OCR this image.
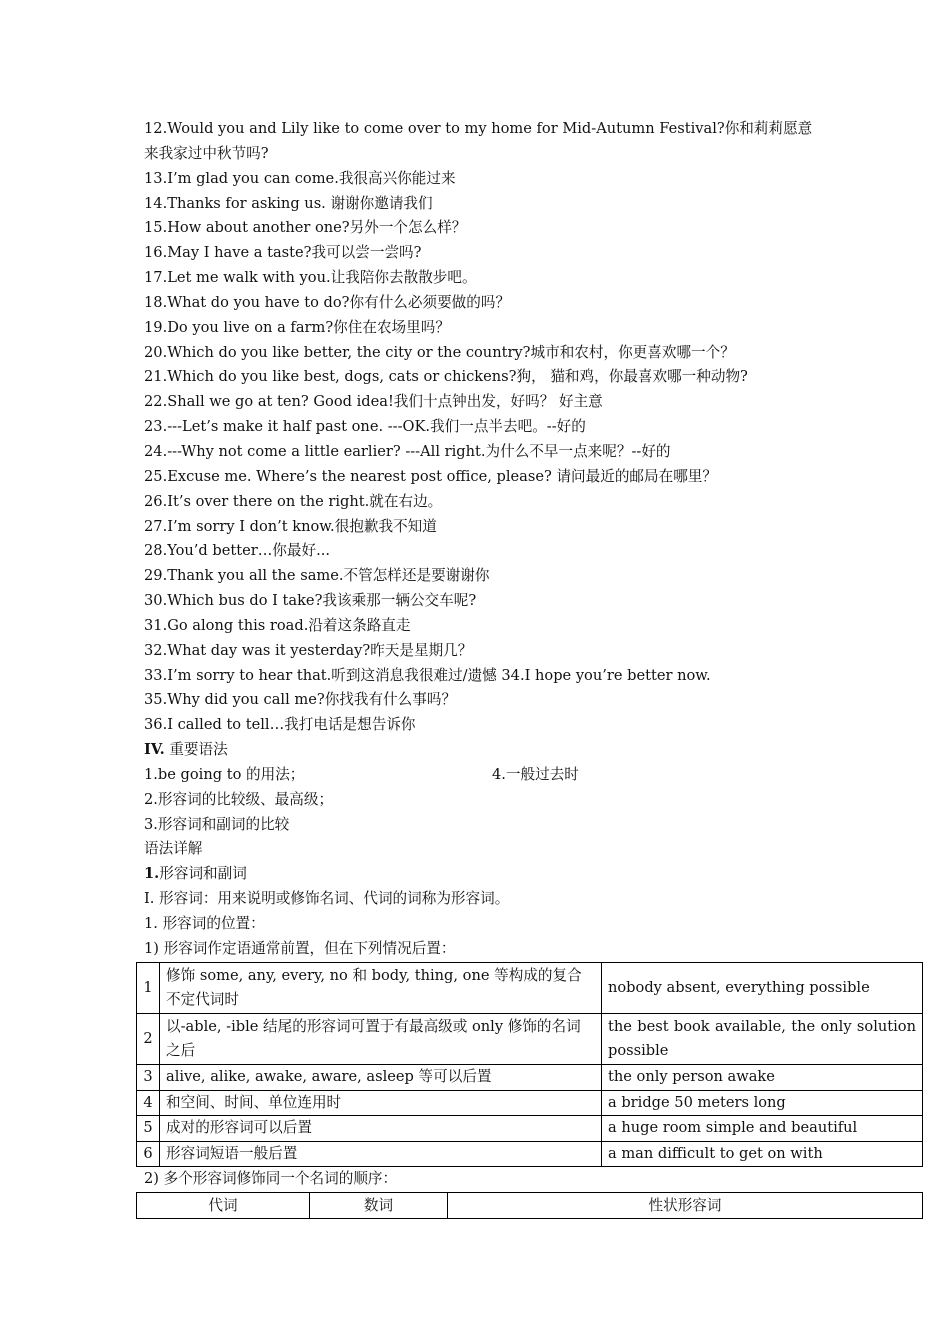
12.Would you and Lily like to come over to my home for Mid-Autumn Festival?你和莉莉愿意
来我家过中秋节吗?
13.I’m glad you can come.我很高兴你能过来
14.Thanks for asking us. 谢谢你邀请我们
15.How about another one?另外一个怎么样？
16.May I have a taste?我可以尝一尝吗?
17.Let me walk with you.让我陪你去散散步吧。
18.What do you have to do?你有什么必须要做的吗？
19.Do you live on a farm?你住在农场里吗？
20.Which do you like better, the city or the country?城市和农村，你更喜欢哪一个？
21.Which do you like best, dogs, cats or chickens?狗， 猫和鸡，你最喜欢哪一种动物?
22.Shall we go at ten? Good idea!我们十点钟出发，好吗？ 好主意
23.---Let’s make it half past one. ---OK.我们一点半去吧。--好的
24.---Why not come a little earlier? ---All right.为什么不早一点来呢？--好的
25.Excuse me. Where’s the nearest post office, please? 请问最近的邮局在哪里？
26.It’s over there on the right.就在右边。
27.I’m sorry I don’t know.很抱歉我不知道
28.You’d better…你最好...
29.Thank you all the same.不管怎样还是要谢谢你
30.Which bus do I take?我该乘那一辆公交车呢?
31.Go along this road.沿着这条路直走
32.What day was it yesterday?昨天是星期几？
33.I’m sorry to hear that.听到这消息我很难过/遗憾 34.I hope you’re better now.
35.Why did you call me?你找我有什么事吗？
36.I called to tell…我打电话是想告诉你
IV. 重要语法
1.be going to 的用法；	4.一般过去时
2.形容词的比较级、最高级；
3.形容词和副词的比较
语法详解
1.形容词和副词
I. 形容词：用来说明或修饰名词、代词的词称为形容词。
1. 形容词的位置：
1) 形容词作定语通常前置，但在下列情况后置：
1	修饰 some, any, every, no 和 body, thing, one 等构成的复合不定代词时	nobody absent, everything possible
2	以-able, -ible 结尾的形容词可置于有最高级或 only 修饰的名词之后	the best book available, the only solution possible
3	alive, alike, awake, aware, asleep 等可以后置	the only person awake
4	和空间、时间、单位连用时	a bridge 50 meters long
5	成对的形容词可以后置	a huge room simple and beautiful
6	形容词短语一般后置	a man difficult to get on with
2) 多个形容词修饰同一个名词的顺序：
代词	数词	性状形容词
